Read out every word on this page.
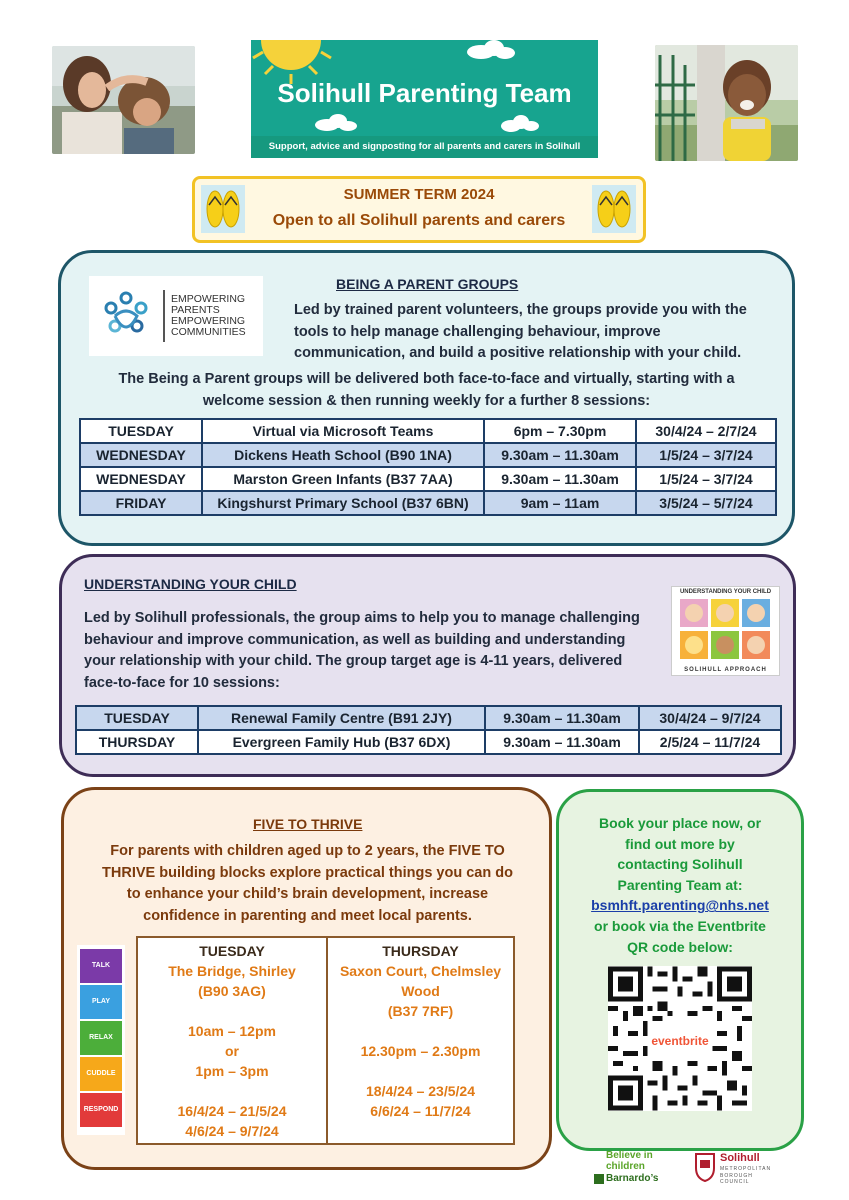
Solihull Parenting Team
Support, advice and signposting for all parents and carers in Solihull
SUMMER TERM 2024
Open to all Solihull parents and carers
EMPOWERING
PARENTS
EMPOWERING
COMMUNITIES
BEING A PARENT GROUPS
Led by trained parent volunteers, the groups provide you with the
tools to help manage challenging behaviour, improve
communication, and build a positive relationship with your child.
The Being a Parent groups will be delivered both face-to-face and virtually, starting with a
welcome session & then running weekly for a further 8 sessions:
TUESDAY	Virtual via Microsoft Teams	6pm – 7.30pm	30/4/24 – 2/7/24
WEDNESDAY	Dickens Heath School (B90 1NA)	9.30am – 11.30am	1/5/24 – 3/7/24
WEDNESDAY	Marston Green Infants (B37 7AA)	9.30am – 11.30am	1/5/24 – 3/7/24
FRIDAY	Kingshurst Primary School (B37 6BN)	9am – 11am	3/5/24 – 5/7/24
UNDERSTANDING YOUR CHILD
Led by Solihull professionals, the group aims to help you to manage challenging
behaviour and improve communication, as well as building and understanding
your relationship with your child. The group target age is 4-11 years, delivered
face-to-face for 10 sessions:
UNDERSTANDING YOUR CHILD
SOLIHULL APPROACH
TUESDAY	Renewal Family Centre (B91 2JY)	9.30am – 11.30am	30/4/24 – 9/7/24
THURSDAY	Evergreen Family Hub (B37 6DX)	9.30am – 11.30am	2/5/24 – 11/7/24
FIVE TO THRIVE
For parents with children aged up to 2 years, the FIVE TO
THRIVE building blocks explore practical things you can do
to enhance your child’s brain development, increase
confidence in parenting and meet local parents.
TALK
PLAY
RELAX
CUDDLE
RESPOND
TUESDAY
The Bridge, Shirley
(B90 3AG)
10am – 12pm
or
1pm – 3pm
16/4/24 – 21/5/24
4/6/24 – 9/7/24
THURSDAY
Saxon Court, Chelmsley
Wood
(B37 7RF)
12.30pm – 2.30pm
18/4/24 – 23/5/24
6/6/24 – 11/7/24
Book your place now, or
find out more by
contacting Solihull
Parenting Team at:
bsmhft.parenting@nhs.net
or book via the Eventbrite
QR code below:
eventbrite
Believe in
children
Barnardo’s
Solihull
METROPOLITAN
BOROUGH COUNCIL
